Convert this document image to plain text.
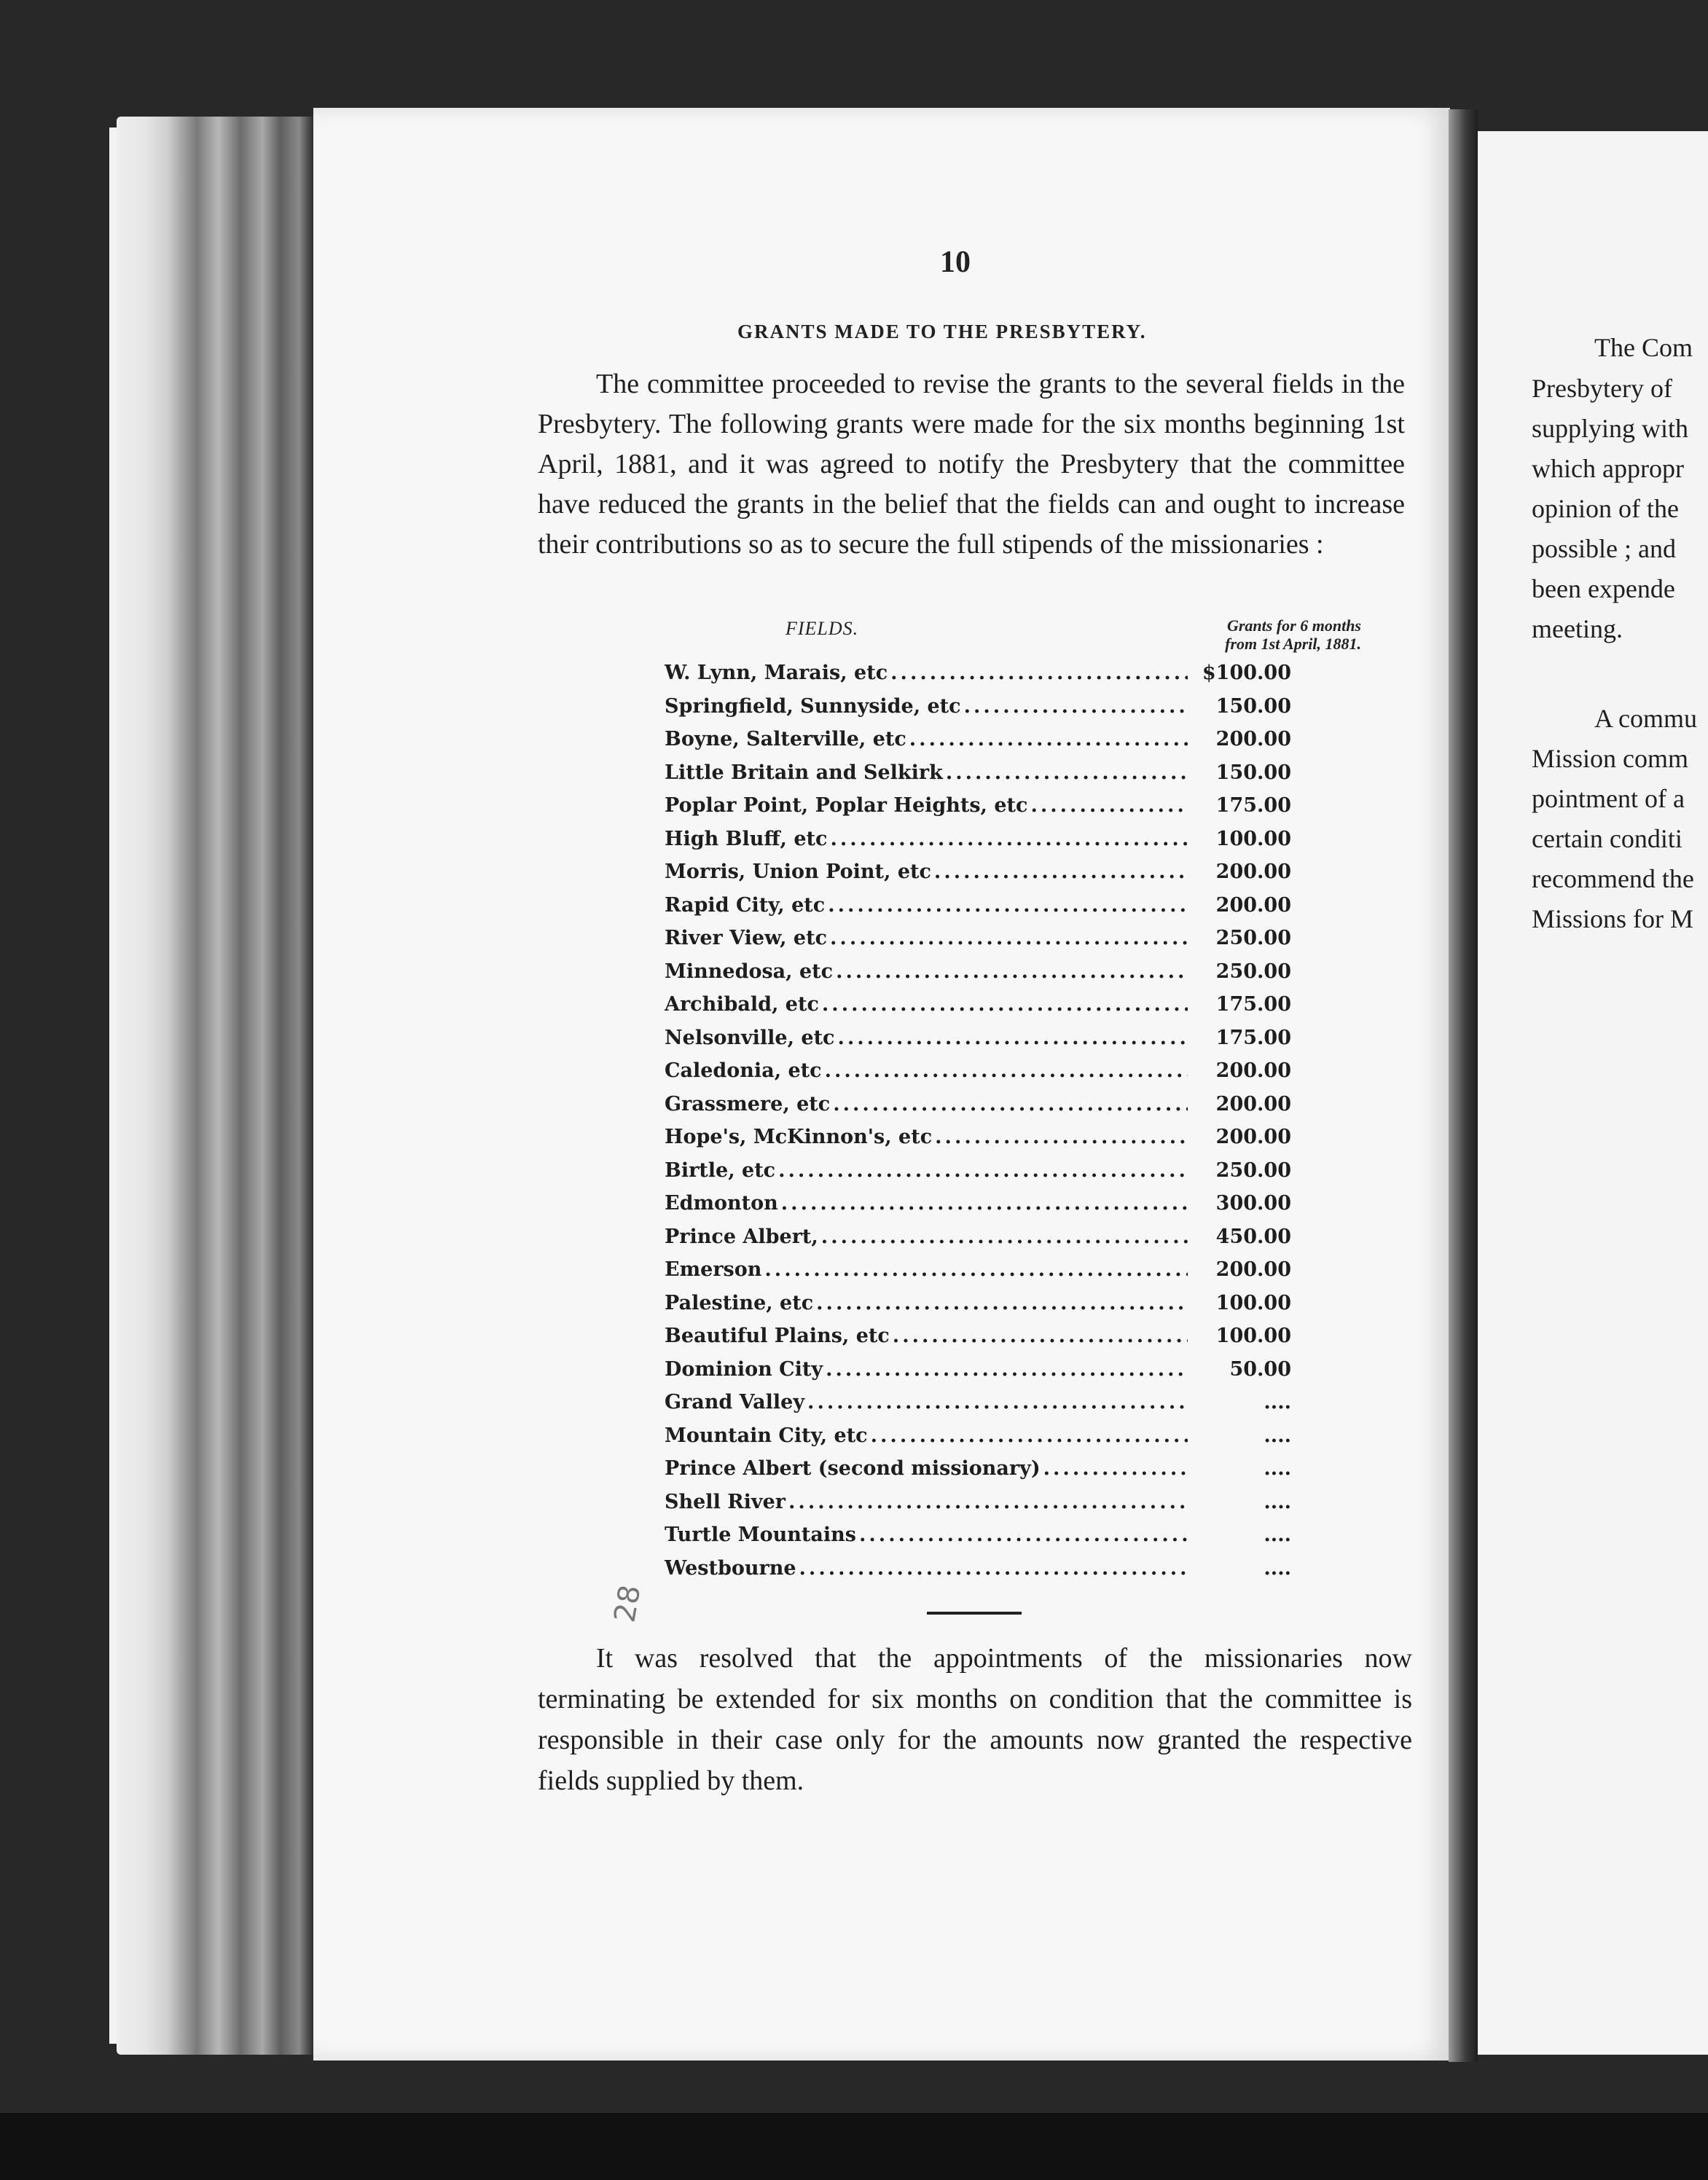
10
GRANTS MADE TO THE PRESBYTERY.
The committee proceeded to revise the grants to the several fields in the Presbytery. The following grants were made for the six months beginning 1st April, 1881, and it was agreed to notify the Presbytery that the committee have reduced the grants in the belief that the fields can and ought to increase their contributions so as to secure the full stipends of the missionaries :
FIELDS.	Grants for 6 months
from 1st April, 1881.
W. Lynn, Marais, etc .....	$100.00
Springfield, Sunnyside, etc .....	150.00
Boyne, Salterville, etc .....	200.00
Little Britain and Selkirk .....	150.00
Poplar Point, Poplar Heights, etc .....	175.00
High Bluff, etc .....	100.00
Morris, Union Point, etc .....	200.00
Rapid City, etc .....	200.00
River View, etc .....	250.00
Minnedosa, etc .....	250.00
Archibald, etc .....	175.00
Nelsonville, etc .....	175.00
Caledonia, etc .....	200.00
Grassmere, etc .....	200.00
Hope's, McKinnon's, etc .....	200.00
Birtle, etc .....	250.00
Edmonton .....	300.00
Prince Albert, .....	450.00
Emerson .....	200.00
Palestine, etc .....	100.00
Beautiful Plains, etc .....	100.00
Dominion City .....	50.00
Grand Valley .....	....
Mountain City, etc .....	....
Prince Albert (second missionary) .....	....
Shell River .....	....
Turtle Mountains .....	....
Westbourne .....	....
It was resolved that the appointments of the missionaries now terminating be extended for six months on condition that the committee is responsible in their case only for the amounts now granted the respective fields supplied by them.
28
The Com
Presbytery of
supplying with
which appropr
opinion of the
possible ; and
been expende
meeting.
A commu
Mission comm
pointment of a
certain conditi
recommend the
Missions for M
